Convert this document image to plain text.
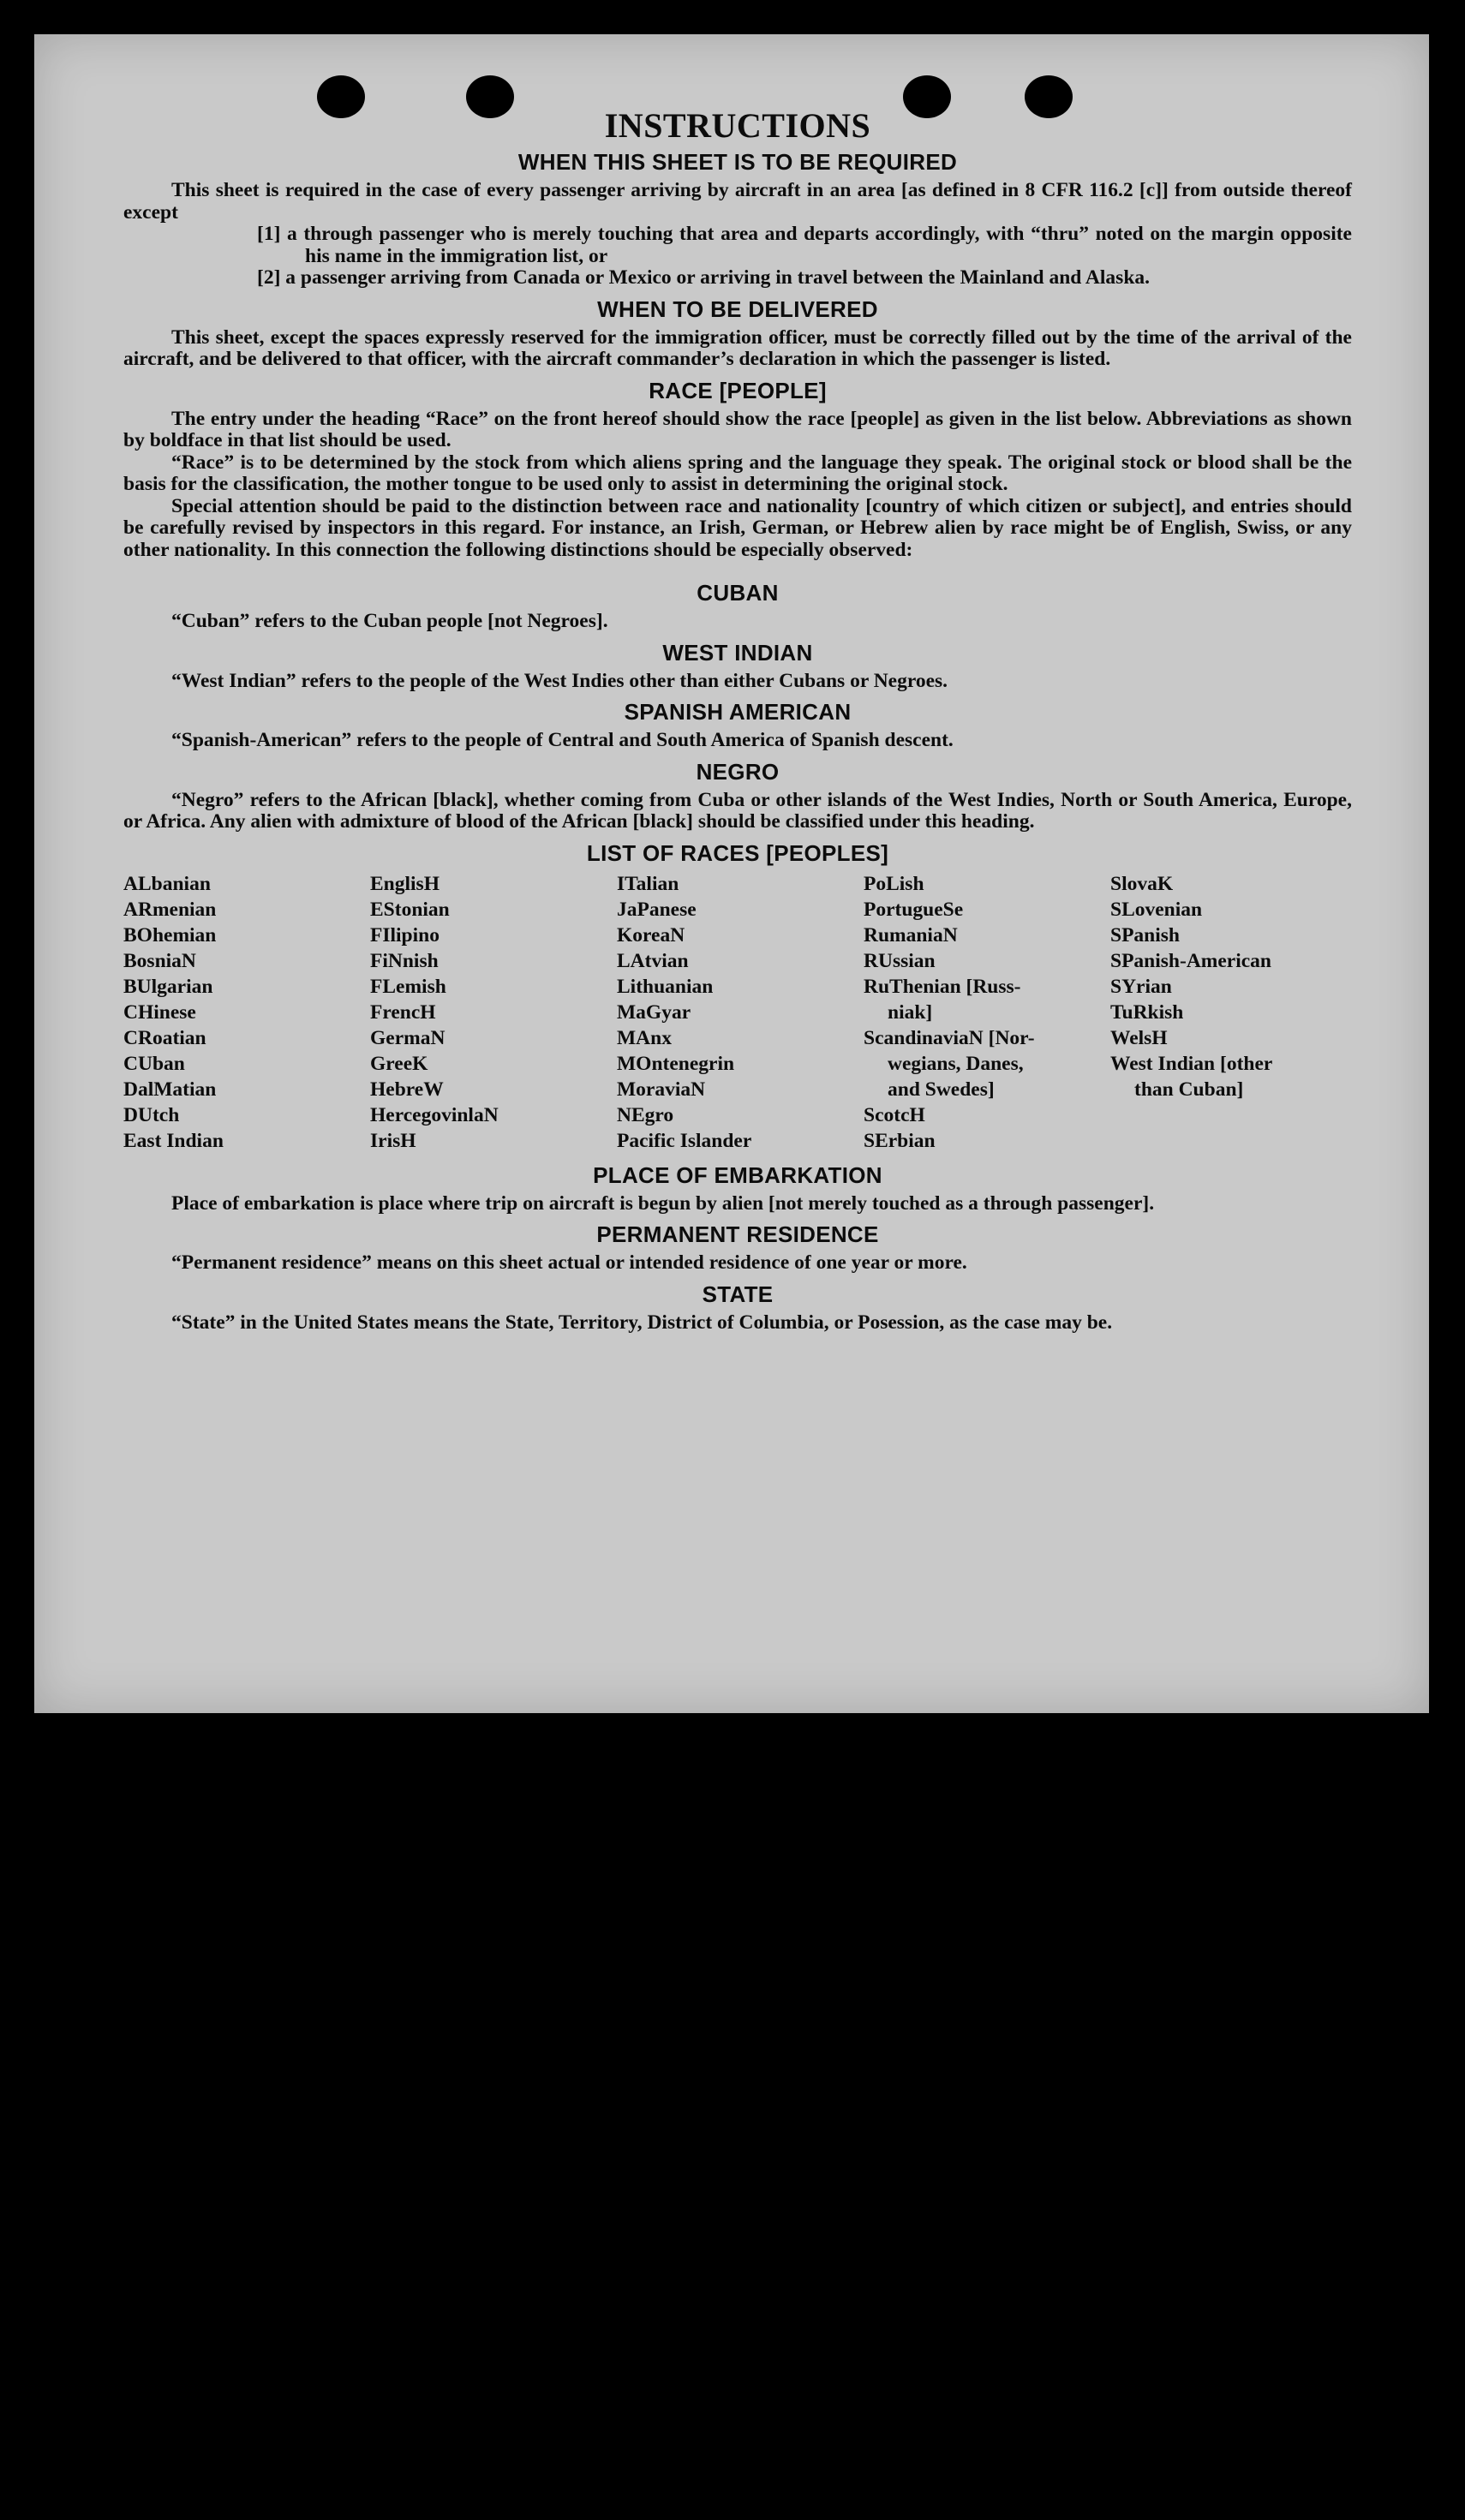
INSTRUCTIONS
WHEN THIS SHEET IS TO BE REQUIRED

This sheet is required in the case of every passenger arriving by aircraft in an area [as defined in 8 CFR 116.2 [c]] from outside thereof except

[1] a through passenger who is merely touching that area and departs accordingly, with “thru” noted on the margin opposite his name in the immigration list, or

[2] a passenger arriving from Canada or Mexico or arriving in travel between the Mainland and Alaska.

WHEN TO BE DELIVERED

This sheet, except the spaces expressly reserved for the immigration officer, must be correctly filled out by the time of the arrival of the aircraft, and be delivered to that officer, with the aircraft commander’s declaration in which the passenger is listed.

RACE [PEOPLE]

The entry under the heading “Race” on the front hereof should show the race [people] as given in the list below. Abbreviations as shown by boldface in that list should be used.

“Race” is to be determined by the stock from which aliens spring and the language they speak. The original stock or blood shall be the basis for the classification, the mother tongue to be used only to assist in determining the original stock.

Special attention should be paid to the distinction between race and nationality [country of which citizen or subject], and entries should be carefully revised by inspectors in this regard. For instance, an Irish, German, or Hebrew alien by race might be of English, Swiss, or any other nationality. In this connection the following distinctions should be especially observed:

CUBAN

“Cuban” refers to the Cuban people [not Negroes].

WEST INDIAN

“West Indian” refers to the people of the West Indies other than either Cubans or Negroes.

SPANISH AMERICAN

“Spanish-American” refers to the people of Central and South America of Spanish descent.

NEGRO

“Negro” refers to the African [black], whether coming from Cuba or other islands of the West Indies, North or South America, Europe, or Africa. Any alien with admixture of blood of the African [black] should be classified under this heading.

LIST OF RACES [PEOPLES]
ALbanian
ARmenian
BOhemian
BosniaN
BUlgarian
CHinese
CRoatian
CUban
DalMatian
DUtch
East Indian
EnglisH
EStonian
FIlipino
FiNnish
FLemish
FrencH
GermaN
GreeK
HebreW
HercegovinlaN
IrisH
ITalian
JaPanese
KoreaN
LAtvian
Lithuanian
MaGyar
MAnx
MOntenegrin
MoraviaN
NEgro
Pacific Islander
PoLish
PortugueSe
RumaniaN
RUssian
RuThenian [Russ-
niak]
ScandinaviaN [Nor-
wegians, Danes,
and Swedes]
ScotcH
SErbian
SlovaK
SLovenian
SPanish
SPanish-American
SYrian
TuRkish
WelsH
West Indian [other
than Cuban]
PLACE OF EMBARKATION

Place of embarkation is place where trip on aircraft is begun by alien [not merely touched as a through passenger].

PERMANENT RESIDENCE

“Permanent residence” means on this sheet actual or intended residence of one year or more.

STATE

“State” in the United States means the State, Territory, District of Columbia, or Posession, as the case may be.
